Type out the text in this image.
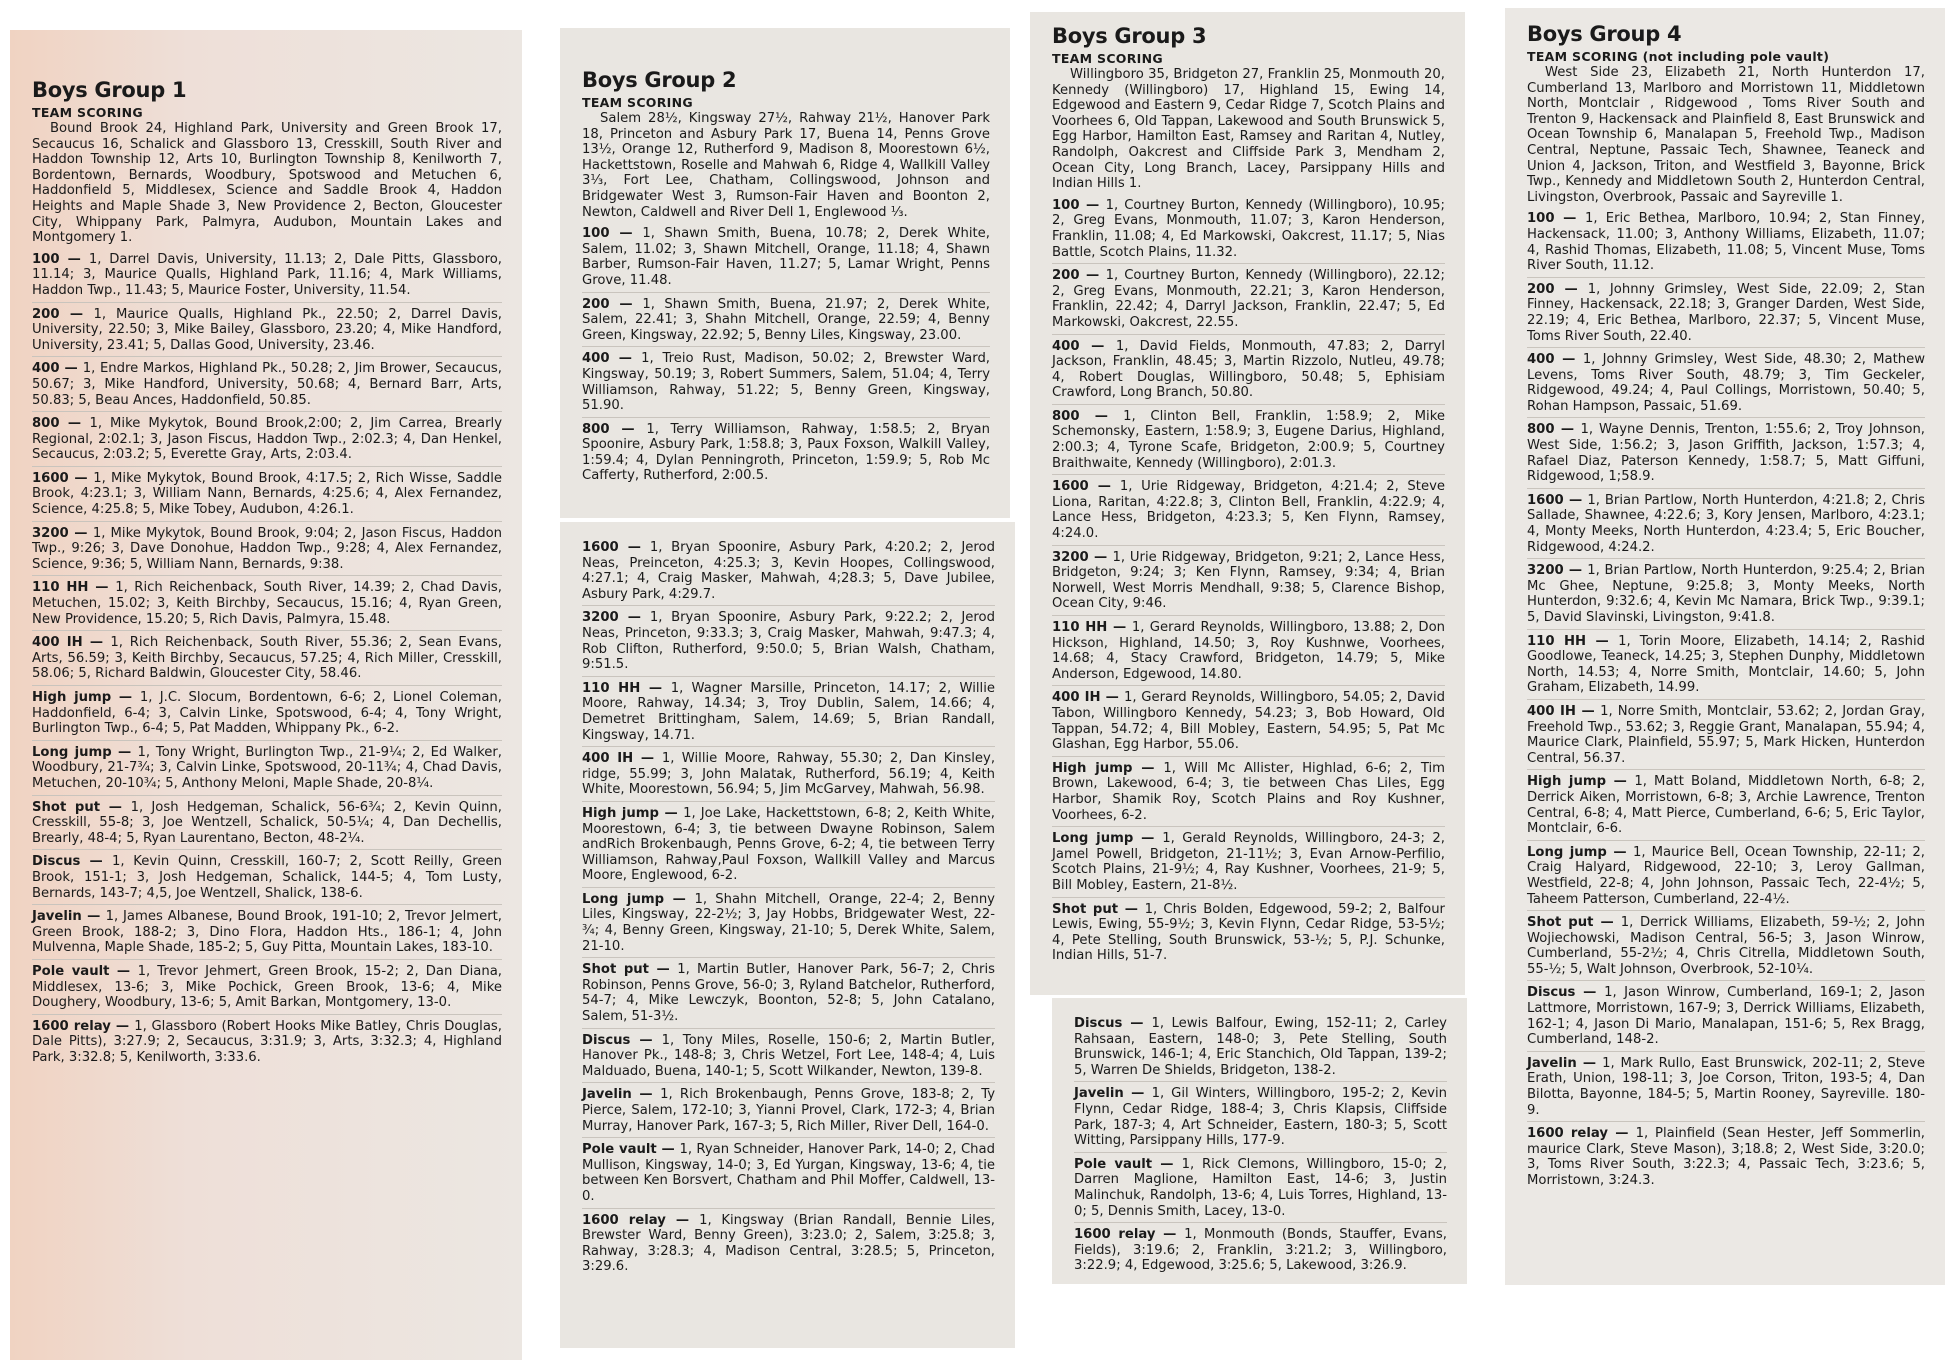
Boys Group 1
TEAM SCORING

Bound Brook 24, Highland Park, University and Green Brook 17, Secaucus 16, Schalick and Glassboro 13, Cresskill, South River and Haddon Township 12, Arts 10, Burlington Township 8, Kenilworth 7, Bordentown, Bernards, Woodbury, Spotswood and Metuchen 6, Haddonfield 5, Middlesex, Science and Saddle Brook 4, Haddon Heights and Maple Shade 3, New Providence 2, Becton, Gloucester City, Whippany Park, Palmyra, Audubon, Mountain Lakes and Montgomery 1.

100 — 1, Darrel Davis, University, 11.13; 2, Dale Pitts, Glassboro, 11.14; 3, Maurice Qualls, Highland Park, 11.16; 4, Mark Williams, Haddon Twp., 11.43; 5, Maurice Foster, University, 11.54.

200 — 1, Maurice Qualls, Highland Pk., 22.50; 2, Darrel Davis, University, 22.50; 3, Mike Bailey, Glassboro, 23.20; 4, Mike Handford, University, 23.41; 5, Dallas Good, University, 23.46.

400 — 1, Endre Markos, Highland Pk., 50.28; 2, Jim Brower, Secaucus, 50.67; 3, Mike Handford, University, 50.68; 4, Bernard Barr, Arts, 50.83; 5, Beau Ances, Haddonfield, 50.85.

800 — 1, Mike Mykytok, Bound Brook,2:00; 2, Jim Carrea, Brearly Regional, 2:02.1; 3, Jason Fiscus, Haddon Twp., 2:02.3; 4, Dan Henkel, Secaucus, 2:03.2; 5, Everette Gray, Arts, 2:03.4.

1600 — 1, Mike Mykytok, Bound Brook, 4:17.5; 2, Rich Wisse, Saddle Brook, 4:23.1; 3, William Nann, Bernards, 4:25.6; 4, Alex Fernandez, Science, 4:25.8; 5, Mike Tobey, Audubon, 4:26.1.

3200 — 1, Mike Mykytok, Bound Brook, 9:04; 2, Jason Fiscus, Haddon Twp., 9:26; 3, Dave Donohue, Haddon Twp., 9:28; 4, Alex Fernandez, Science, 9:36; 5, William Nann, Bernards, 9:38.

110 HH — 1, Rich Reichenback, South River, 14.39; 2, Chad Davis, Metuchen, 15.02; 3, Keith Birchby, Secaucus, 15.16; 4, Ryan Green, New Providence, 15.20; 5, Rich Davis, Palmyra, 15.48.

400 IH — 1, Rich Reichenback, South River, 55.36; 2, Sean Evans, Arts, 56.59; 3, Keith Birchby, Secaucus, 57.25; 4, Rich Miller, Cresskill, 58.06; 5, Richard Baldwin, Gloucester City, 58.46.

High jump — 1, J.C. Slocum, Bordentown, 6-6; 2, Lionel Coleman, Haddonfield, 6-4; 3, Calvin Linke, Spotswood, 6-4; 4, Tony Wright, Burlington Twp., 6-4; 5, Pat Madden, Whippany Pk., 6-2.

Long jump — 1, Tony Wright, Burlington Twp., 21-9¼; 2, Ed Walker, Woodbury, 21-7¾; 3, Calvin Linke, Spotswood, 20-11¾; 4, Chad Davis, Metuchen, 20-10¾; 5, Anthony Meloni, Maple Shade, 20-8¼.

Shot put — 1, Josh Hedgeman, Schalick, 56-6¾; 2, Kevin Quinn, Cresskill, 55-8; 3, Joe Wentzell, Schalick, 50-5¼; 4, Dan Dechellis, Brearly, 48-4; 5, Ryan Laurentano, Becton, 48-2¼.

Discus — 1, Kevin Quinn, Cresskill, 160-7; 2, Scott Reilly, Green Brook, 151-1; 3, Josh Hedgeman, Schalick, 144-5; 4, Tom Lusty, Bernards, 143-7; 4,5, Joe Wentzell, Shalick, 138-6.

Javelin — 1, James Albanese, Bound Brook, 191-10; 2, Trevor Jelmert, Green Brook, 188-2; 3, Dino Flora, Haddon Hts., 186-1; 4, John Mulvenna, Maple Shade, 185-2; 5, Guy Pitta, Mountain Lakes, 183-10.

Pole vault — 1, Trevor Jehmert, Green Brook, 15-2; 2, Dan Diana, Middlesex, 13-6; 3, Mike Pochick, Green Brook, 13-6; 4, Mike Doughery, Woodbury, 13-6; 5, Amit Barkan, Montgomery, 13-0.

1600 relay — 1, Glassboro (Robert Hooks Mike Batley, Chris Douglas, Dale Pitts), 3:27.9; 2, Secaucus, 3:31.9; 3, Arts, 3:32.3; 4, Highland Park, 3:32.8; 5, Kenilworth, 3:33.6.

Boys Group 2
TEAM SCORING

Salem 28½, Kingsway 27½, Rahway 21½, Hanover Park 18, Princeton and Asbury Park 17, Buena 14, Penns Grove 13½, Orange 12, Rutherford 9, Madison 8, Moorestown 6½, Hackettstown, Roselle and Mahwah 6, Ridge 4, Wallkill Valley 3⅓, Fort Lee, Chatham, Collingswood, Johnson and Bridgewater West 3, Rumson-Fair Haven and Boonton 2, Newton, Caldwell and River Dell 1, Englewood ⅓.

100 — 1, Shawn Smith, Buena, 10.78; 2, Derek White, Salem, 11.02; 3, Shawn Mitchell, Orange, 11.18; 4, Shawn Barber, Rumson-Fair Haven, 11.27; 5, Lamar Wright, Penns Grove, 11.48.

200 — 1, Shawn Smith, Buena, 21.97; 2, Derek White, Salem, 22.41; 3, Shahn Mitchell, Orange, 22.59; 4, Benny Green, Kingsway, 22.92; 5, Benny Liles, Kingsway, 23.00.

400 — 1, Treio Rust, Madison, 50.02; 2, Brewster Ward, Kingsway, 50.19; 3, Robert Summers, Salem, 51.04; 4, Terry Williamson, Rahway, 51.22; 5, Benny Green, Kingsway, 51.90.

800 — 1, Terry Williamson, Rahway, 1:58.5; 2, Bryan Spoonire, Asbury Park, 1:58.8; 3, Paux Foxson, Walkill Valley, 1:59.4; 4, Dylan Penningroth, Princeton, 1:59.9; 5, Rob Mc Cafferty, Rutherford, 2:00.5.

1600 — 1, Bryan Spoonire, Asbury Park, 4:20.2; 2, Jerod Neas, Preinceton, 4:25.3; 3, Kevin Hoopes, Collingswood, 4:27.1; 4, Craig Masker, Mahwah, 4;28.3; 5, Dave Jubilee, Asbury Park, 4:29.7.

3200 — 1, Bryan Spoonire, Asbury Park, 9:22.2; 2, Jerod Neas, Princeton, 9:33.3; 3, Craig Masker, Mahwah, 9:47.3; 4, Rob Clifton, Rutherford, 9:50.0; 5, Brian Walsh, Chatham, 9:51.5.

110 HH — 1, Wagner Marsille, Princeton, 14.17; 2, Willie Moore, Rahway, 14.34; 3, Troy Dublin, Salem, 14.66; 4, Demetret Brittingham, Salem, 14.69; 5, Brian Randall, Kingsway, 14.71.

400 IH — 1, Willie Moore, Rahway, 55.30; 2, Dan Kinsley, ridge, 55.99; 3, John Malatak, Rutherford, 56.19; 4, Keith White, Moorestown, 56.94; 5, Jim McGarvey, Mahwah, 56.98.

High jump — 1, Joe Lake, Hackettstown, 6-8; 2, Keith White, Moorestown, 6-4; 3, tie between Dwayne Robinson, Salem andRich Brokenbaugh, Penns Grove, 6-2; 4, tie between Terry Williamson, Rahway,Paul Foxson, Wallkill Valley and Marcus Moore, Englewood, 6-2.

Long jump — 1, Shahn Mitchell, Orange, 22-4; 2, Benny Liles, Kingsway, 22-2½; 3, Jay Hobbs, Bridgewater West, 22-¾; 4, Benny Green, Kingsway, 21-10; 5, Derek White, Salem, 21-10.

Shot put — 1, Martin Butler, Hanover Park, 56-7; 2, Chris Robinson, Penns Grove, 56-0; 3, Ryland Batchelor, Rutherford, 54-7; 4, Mike Lewczyk, Boonton, 52-8; 5, John Catalano, Salem, 51-3½.

Discus — 1, Tony Miles, Roselle, 150-6; 2, Martin Butler, Hanover Pk., 148-8; 3, Chris Wetzel, Fort Lee, 148-4; 4, Luis Malduado, Buena, 140-1; 5, Scott Wilkander, Newton, 139-8.

Javelin — 1, Rich Brokenbaugh, Penns Grove, 183-8; 2, Ty Pierce, Salem, 172-10; 3, Yianni Provel, Clark, 172-3; 4, Brian Murray, Hanover Park, 167-3; 5, Rich Miller, River Dell, 164-0.

Pole vault — 1, Ryan Schneider, Hanover Park, 14-0; 2, Chad Mullison, Kingsway, 14-0; 3, Ed Yurgan, Kingsway, 13-6; 4, tie between Ken Borsvert, Chatham and Phil Moffer, Caldwell, 13-0.

1600 relay — 1, Kingsway (Brian Randall, Bennie Liles, Brewster Ward, Benny Green), 3:23.0; 2, Salem, 3:25.8; 3, Rahway, 3:28.3; 4, Madison Central, 3:28.5; 5, Princeton, 3:29.6.

Boys Group 3
TEAM SCORING

Willingboro 35, Bridgeton 27, Franklin 25, Monmouth 20, Kennedy (Willingboro) 17, Highland 15, Ewing 14, Edgewood and Eastern 9, Cedar Ridge 7, Scotch Plains and Voorhees 6, Old Tappan, Lakewood and South Brunswick 5, Egg Harbor, Hamilton East, Ramsey and Raritan 4, Nutley, Randolph, Oakcrest and Cliffside Park 3, Mendham 2, Ocean City, Long Branch, Lacey, Parsippany Hills and Indian Hills 1.

100 — 1, Courtney Burton, Kennedy (Willingboro), 10.95; 2, Greg Evans, Monmouth, 11.07; 3, Karon Henderson, Franklin, 11.08; 4, Ed Markowski, Oakcrest, 11.17; 5, Nias Battle, Scotch Plains, 11.32.

200 — 1, Courtney Burton, Kennedy (Willingboro), 22.12; 2, Greg Evans, Monmouth, 22.21; 3, Karon Henderson, Franklin, 22.42; 4, Darryl Jackson, Franklin, 22.47; 5, Ed Markowski, Oakcrest, 22.55.

400 — 1, David Fields, Monmouth, 47.83; 2, Darryl Jackson, Franklin, 48.45; 3, Martin Rizzolo, Nutleu, 49.78; 4, Robert Douglas, Willingboro, 50.48; 5, Ephisiam Crawford, Long Branch, 50.80.

800 — 1, Clinton Bell, Franklin, 1:58.9; 2, Mike Schemonsky, Eastern, 1:58.9; 3, Eugene Darius, Highland, 2:00.3; 4, Tyrone Scafe, Bridgeton, 2:00.9; 5, Courtney Braithwaite, Kennedy (Willingboro), 2:01.3.

1600 — 1, Urie Ridgeway, Bridgeton, 4:21.4; 2, Steve Liona, Raritan, 4:22.8; 3, Clinton Bell, Franklin, 4:22.9; 4, Lance Hess, Bridgeton, 4:23.3; 5, Ken Flynn, Ramsey, 4:24.0.

3200 — 1, Urie Ridgeway, Bridgeton, 9:21; 2, Lance Hess, Bridgeton, 9:24; 3; Ken Flynn, Ramsey, 9:34; 4, Brian Norwell, West Morris Mendhall, 9:38; 5, Clarence Bishop, Ocean City, 9:46.

110 HH — 1, Gerard Reynolds, Willingboro, 13.88; 2, Don Hickson, Highland, 14.50; 3, Roy Kushnwe, Voorhees, 14.68; 4, Stacy Crawford, Bridgeton, 14.79; 5, Mike Anderson, Edgewood, 14.80.

400 IH — 1, Gerard Reynolds, Willingboro, 54.05; 2, David Tabon, Willingboro Kennedy, 54.23; 3, Bob Howard, Old Tappan, 54.72; 4, Bill Mobley, Eastern, 54.95; 5, Pat Mc Glashan, Egg Harbor, 55.06.

High jump — 1, Will Mc Allister, Highlad, 6-6; 2, Tim Brown, Lakewood, 6-4; 3, tie between Chas Liles, Egg Harbor, Shamik Roy, Scotch Plains and Roy Kushner, Voorhees, 6-2.

Long jump — 1, Gerald Reynolds, Willingboro, 24-3; 2, Jamel Powell, Bridgeton, 21-11½; 3, Evan Arnow-Perfilio, Scotch Plains, 21-9½; 4, Ray Kushner, Voorhees, 21-9; 5, Bill Mobley, Eastern, 21-8½.

Shot put — 1, Chris Bolden, Edgewood, 59-2; 2, Balfour Lewis, Ewing, 55-9½; 3, Kevin Flynn, Cedar Ridge, 53-5½; 4, Pete Stelling, South Brunswick, 53-½; 5, P.J. Schunke, Indian Hills, 51-7.

Discus — 1, Lewis Balfour, Ewing, 152-11; 2, Carley Rahsaan, Eastern, 148-0; 3, Pete Stelling, South Brunswick, 146-1; 4, Eric Stanchich, Old Tappan, 139-2; 5, Warren De Shields, Bridgeton, 138-2.

Javelin — 1, Gil Winters, Willingboro, 195-2; 2, Kevin Flynn, Cedar Ridge, 188-4; 3, Chris Klapsis, Cliffside Park, 187-3; 4, Art Schneider, Eastern, 180-3; 5, Scott Witting, Parsippany Hills, 177-9.

Pole vault — 1, Rick Clemons, Willingboro, 15-0; 2, Darren Maglione, Hamilton East, 14-6; 3, Justin Malinchuk, Randolph, 13-6; 4, Luis Torres, Highland, 13-0; 5, Dennis Smith, Lacey, 13-0.

1600 relay — 1, Monmouth (Bonds, Stauffer, Evans, Fields), 3:19.6; 2, Franklin, 3:21.2; 3, Willingboro, 3:22.9; 4, Edgewood, 3:25.6; 5, Lakewood, 3:26.9.

Boys Group 4
TEAM SCORING (not including pole vault)

West Side 23, Elizabeth 21, North Hunterdon 17, Cumberland 13, Marlboro and Morristown 11, Middletown North, Montclair , Ridgewood , Toms River South and Trenton 9, Hackensack and Plainfield 8, East Brunswick and Ocean Township 6, Manalapan 5, Freehold Twp., Madison Central, Neptune, Passaic Tech, Shawnee, Teaneck and Union 4, Jackson, Triton, and Westfield 3, Bayonne, Brick Twp., Kennedy and Middletown South 2, Hunterdon Central, Livingston, Overbrook, Passaic and Sayreville 1.

100 — 1, Eric Bethea, Marlboro, 10.94; 2, Stan Finney, Hackensack, 11.00; 3, Anthony Williams, Elizabeth, 11.07; 4, Rashid Thomas, Elizabeth, 11.08; 5, Vincent Muse, Toms River South, 11.12.

200 — 1, Johnny Grimsley, West Side, 22.09; 2, Stan Finney, Hackensack, 22.18; 3, Granger Darden, West Side, 22.19; 4, Eric Bethea, Marlboro, 22.37; 5, Vincent Muse, Toms River South, 22.40.

400 — 1, Johnny Grimsley, West Side, 48.30; 2, Mathew Levens, Toms River South, 48.79; 3, Tim Geckeler, Ridgewood, 49.24; 4, Paul Collings, Morristown, 50.40; 5, Rohan Hampson, Passaic, 51.69.

800 — 1, Wayne Dennis, Trenton, 1:55.6; 2, Troy Johnson, West Side, 1:56.2; 3, Jason Griffith, Jackson, 1:57.3; 4, Rafael Diaz, Paterson Kennedy, 1:58.7; 5, Matt Giffuni, Ridgewood, 1;58.9.

1600 — 1, Brian Partlow, North Hunterdon, 4:21.8; 2, Chris Sallade, Shawnee, 4:22.6; 3, Kory Jensen, Marlboro, 4:23.1; 4, Monty Meeks, North Hunterdon, 4:23.4; 5, Eric Boucher, Ridgewood, 4:24.2.

3200 — 1, Brian Partlow, North Hunterdon, 9:25.4; 2, Brian Mc Ghee, Neptune, 9:25.8; 3, Monty Meeks, North Hunterdon, 9:32.6; 4, Kevin Mc Namara, Brick Twp., 9:39.1; 5, David Slavinski, Livingston, 9:41.8.

110 HH — 1, Torin Moore, Elizabeth, 14.14; 2, Rashid Goodlowe, Teaneck, 14.25; 3, Stephen Dunphy, Middletown North, 14.53; 4, Norre Smith, Montclair, 14.60; 5, John Graham, Elizabeth, 14.99.

400 IH — 1, Norre Smith, Montclair, 53.62; 2, Jordan Gray, Freehold Twp., 53.62; 3, Reggie Grant, Manalapan, 55.94; 4, Maurice Clark, Plainfield, 55.97; 5, Mark Hicken, Hunterdon Central, 56.37.

High jump — 1, Matt Boland, Middletown North, 6-8; 2, Derrick Aiken, Morristown, 6-8; 3, Archie Lawrence, Trenton Central, 6-8; 4, Matt Pierce, Cumberland, 6-6; 5, Eric Taylor, Montclair, 6-6.

Long jump — 1, Maurice Bell, Ocean Township, 22-11; 2, Craig Halyard, Ridgewood, 22-10; 3, Leroy Gallman, Westfield, 22-8; 4, John Johnson, Passaic Tech, 22-4½; 5, Taheem Patterson, Cumberland, 22-4½.

Shot put — 1, Derrick Williams, Elizabeth, 59-½; 2, John Wojiechowski, Madison Central, 56-5; 3, Jason Winrow, Cumberland, 55-2½; 4, Chris Citrella, Middletown South, 55-½; 5, Walt Johnson, Overbrook, 52-10¼.

Discus — 1, Jason Winrow, Cumberland, 169-1; 2, Jason Lattmore, Morristown, 167-9; 3, Derrick Williams, Elizabeth, 162-1; 4, Jason Di Mario, Manalapan, 151-6; 5, Rex Bragg, Cumberland, 148-2.

Javelin — 1, Mark Rullo, East Brunswick, 202-11; 2, Steve Erath, Union, 198-11; 3, Joe Corson, Triton, 193-5; 4, Dan Bilotta, Bayonne, 184-5; 5, Martin Rooney, Sayreville. 180-9.

1600 relay — 1, Plainfield (Sean Hester, Jeff Sommerlin, maurice Clark, Steve Mason), 3;18.8; 2, West Side, 3:20.0; 3, Toms River South, 3:22.3; 4, Passaic Tech, 3:23.6; 5, Morristown, 3:24.3.
